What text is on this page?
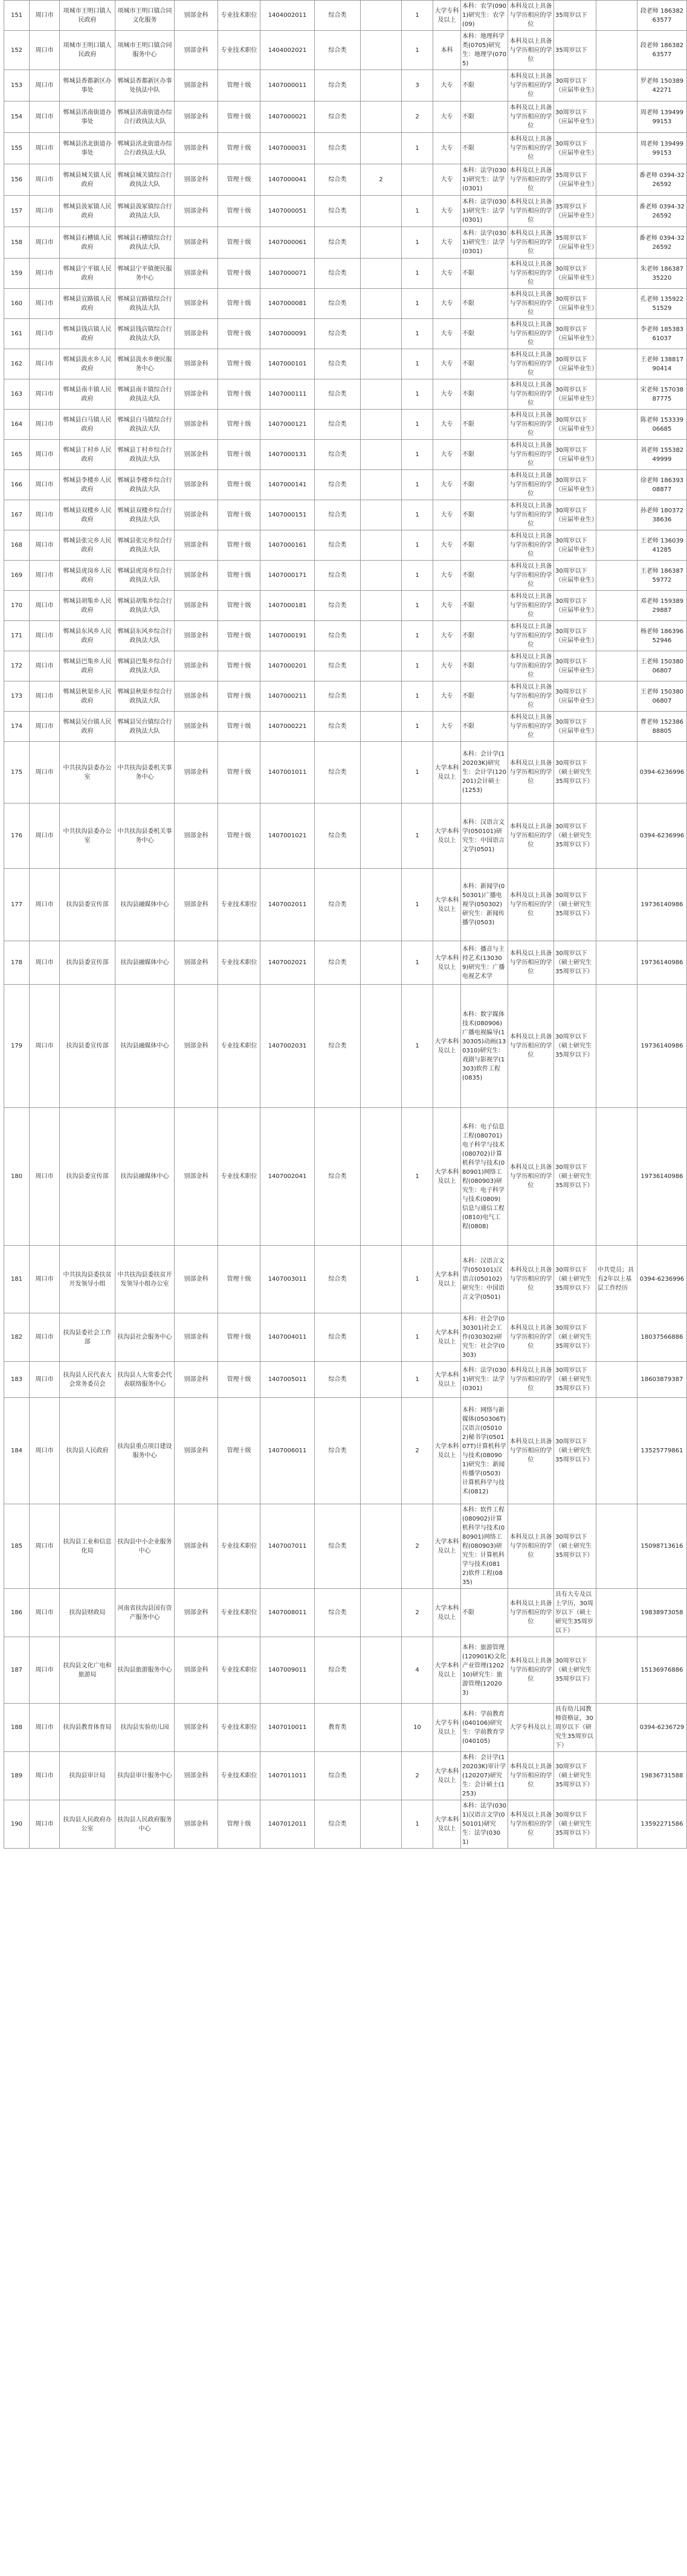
151	周口市	项城市王明口镇人民政府	项城市王明口镇合同文化服务	别部金科	专业技术职位	1404002011	综合类		1	大学专科及以上	本科：农学(0901)研究生：农学(09)	本科及以上具备与学历相应的学位	35周岁以下		段老师 18638263577
152	周口市	项城市王明口镇人民政府	项城市王明口镇合同服务中心	别部金科	专业技术职位	1404002021	综合类		1	本科	本科：地理科学类(0705)研究生：地理学(0705)	本科及以上具备与学历相应的学位	35周岁以下		段老师 18638263577
153	周口市	郸城县香都新区办事处	郸城县香都新区办事处执法中队	别部金科	管理十级	1407000011	综合类		3	大专	不限	本科及以上具备与学历相应的学位	30周岁以下（应届毕业生）		罗老师 15038942271
154	周口市	郸城县洺南街道办事处	郸城县洺南街道办综合行政执法大队	别部金科	管理十级	1407000021	综合类		2	大专	不限	本科及以上具备与学历相应的学位	30周岁以下（应届毕业生）		周老师 13949999153
155	周口市	郸城县洺北街道办事处	郸城县洺北街道办综合行政执法大队	别部金科	管理十级	1407000031	综合类		1	大专	不限	本科及以上具备与学历相应的学位	30周岁以下（应届毕业生）		周老师 13949999153
156	周口市	郸城县城关镇人民政府	郸城县城关镇综合行政执法大队	别部金科	管理十级	1407000041	综合类	2		大专	本科：法学(0301)研究生：法学(0301)	本科及以上具备与学历相应的学位	35周岁以下（应届毕业生）		番老师 0394-3226592
157	周口市	郸城县汲冢镇人民政府	郸城县汲冢镇综合行政执法大队	别部金科	管理十级	1407000051	综合类		1	大专	本科：法学(0301)研究生：法学(0301)	本科及以上具备与学历相应的学位	35周岁以下（应届毕业生）		番老师 0394-3226592
158	周口市	郸城县石槽镇人民政府	郸城县石槽镇综合行政执法大队	别部金科	管理十级	1407000061	综合类		1	大专	本科：法学(0301)研究生：法学(0301)	本科及以上具备与学历相应的学位	35周岁以下（应届毕业生）		番老师 0394-3226592
159	周口市	郸城县宁平镇人民政府	郸城县宁平镇便民服务中心	别部金科	管理十级	1407000071	综合类		1	大专	不限	本科及以上具备与学历相应的学位	30周岁以下（应届毕业生）		朱老师 18638735220
160	周口市	郸城县宜路镇人民政府	郸城县宜路镇综合行政执法大队	别部金科	管理十级	1407000081	综合类		1	大专	不限	本科及以上具备与学历相应的学位	30周岁以下（应届毕业生）		孔老师 13592251529
161	周口市	郸城县钱店镇人民政府	郸城县钱店镇综合行政执法大队	别部金科	管理十级	1407000091	综合类		1	大专	不限	本科及以上具备与学历相应的学位	30周岁以下（应届毕业生）		李老师 18538361037
162	周口市	郸城县汲水乡人民政府	郸城县汲水乡便民服务中心	别部金科	管理十级	1407000101	综合类		1	大专	不限	本科及以上具备与学历相应的学位	30周岁以下（应届毕业生）		王老师 13881790414
163	周口市	郸城县南丰镇人民政府	郸城县南丰镇综合行政执法大队	别部金科	管理十级	1407000111	综合类		1	大专	不限	本科及以上具备与学历相应的学位	30周岁以下（应届毕业生）		宋老师 15703887775
164	周口市	郸城县白马镇人民政府	郸城县白马镇综合行政执法大队	别部金科	管理十级	1407000121	综合类		1	大专	不限	本科及以上具备与学历相应的学位	30周岁以下（应届毕业生）		陈老师 15333906685
165	周口市	郸城县丁村乡人民政府	郸城县丁村乡综合行政执法大队	别部金科	管理十级	1407000131	综合类		1	大专	不限	本科及以上具备与学历相应的学位	30周岁以下（应届毕业生）		刘老师 15538249999
166	周口市	郸城县李楼乡人民政府	郸城县李楼乡综合行政执法大队	别部金科	管理十级	1407000141	综合类		1	大专	不限	本科及以上具备与学历相应的学位	30周岁以下（应届毕业生）		徐老师 18639308877
167	周口市	郸城县双楼乡人民政府	郸城县双楼乡综合行政执法大队	别部金科	管理十级	1407000151	综合类		1	大专	不限	本科及以上具备与学历相应的学位	30周岁以下（应届毕业生）		孙老师 18037238636
168	周口市	郸城县张完乡人民政府	郸城县张完乡综合行政执法大队	别部金科	管理十级	1407000161	综合类		1	大专	不限	本科及以上具备与学历相应的学位	30周岁以下（应届毕业生）		王老师 13603941285
169	周口市	郸城县虎岗乡人民政府	郸城县虎岗乡综合行政执法大队	别部金科	管理十级	1407000171	综合类		1	大专	不限	本科及以上具备与学历相应的学位	30周岁以下（应届毕业生）		王老师 18638759772
170	周口市	郸城县胡集乡人民政府	郸城县胡集乡综合行政执法大队	别部金科	管理十级	1407000181	综合类		1	大专	不限	本科及以上具备与学历相应的学位	30周岁以下（应届毕业生）		邓老师 15938929887
171	周口市	郸城县东风乡人民政府	郸城县东风乡综合行政执法大队	别部金科	管理十级	1407000191	综合类		1	大专	不限	本科及以上具备与学历相应的学位	30周岁以下（应届毕业生）		杨老师 18639652946
172	周口市	郸城县巴集乡人民政府	郸城县巴集乡综合行政执法大队	别部金科	管理十级	1407000201	综合类		1	大专	不限	本科及以上具备与学历相应的学位	30周岁以下（应届毕业生）		王老师 15038006807
173	周口市	郸城县秋渠乡人民政府	郸城县秋渠乡综合行政执法大队	别部金科	管理十级	1407000211	综合类		1	大专	不限	本科及以上具备与学历相应的学位	30周岁以下（应届毕业生）		王老师 15038006807
174	周口市	郸城县吴台镇人民政府	郸城县吴台镇综合行政执法大队	别部金科	管理十级	1407000221	综合类		1	大专	不限	本科及以上具备与学历相应的学位	30周岁以下（应届毕业生）		曹老师 15238688805
175	周口市	中共扶沟县委办公室	中共扶沟县委机关事务中心	别部金科	管理十级	1407001011	综合类		1	大学本科及以上	本科：会计学(120203K)研究生：会计学(120201)会计硕士(1253)	本科及以上具备与学历相应的学位	30周岁以下（硕士研究生35周岁以下）		0394-6236996
176	周口市	中共扶沟县委办公室	中共扶沟县委机关事务中心	别部金科	管理十级	1407001021	综合类		1	大学本科及以上	本科：汉语言文学(050101)研究生：中国语言文学(0501)	本科及以上具备与学历相应的学位	30周岁以下（硕士研究生35周岁以下）		0394-6236996
177	周口市	扶沟县委宣传部	扶沟县融媒体中心	别部金科	专业技术职位	1407002011	综合类		1	大学本科及以上	本科：新闻学(050301)广播电视学(050302)研究生：新闻传播学(0503)	本科及以上具备与学历相应的学位	30周岁以下（硕士研究生35周岁以下）		19736140986
178	周口市	扶沟县委宣传部	扶沟县融媒体中心	别部金科	专业技术职位	1407002021	综合类		1	大学本科及以上	本科：播音与主持艺术(130309)研究生：广播电视艺术学	本科及以上具备与学历相应的学位	30周岁以下（硕士研究生35周岁以下）		19736140986
179	周口市	扶沟县委宣传部	扶沟县融媒体中心	别部金科	专业技术职位	1407002031	综合类		1	大学本科及以上	本科：数字媒体技术(080906)广播电视编导(130305)动画(130310)研究生：戏剧与影视学(1303)软件工程(0835)	本科及以上具备与学历相应的学位	30周岁以下（硕士研究生35周岁以下）		19736140986
180	周口市	扶沟县委宣传部	扶沟县融媒体中心	别部金科	专业技术职位	1407002041	综合类		1	大学本科及以上	本科：电子信息工程(080701)电子科学与技术(080702)计算机科学与技术(080901)网络工程(080903)研究生：电子科学与技术(0809)信息与通信工程(0810)电气工程(0808)	本科及以上具备与学历相应的学位	30周岁以下（硕士研究生35周岁以下）		19736140986
181	周口市	中共扶沟县委扶贫开发领导小组	中共扶沟县委扶贫开发领导小组办公室	别部金科	管理十级	1407003011	综合类		1	大学本科及以上	本科：汉语言文学(050101)汉语言(050102)研究生：中国语言文学(0501)	本科及以上具备与学历相应的学位	30周岁以下（硕士研究生35周岁以下）	中共党员；具有2年以上基层工作经历	0394-6236996
182	周口市	扶沟县委社会工作部	扶沟县社会服务中心	别部金科	管理十级	1407004011	综合类		1	大学本科及以上	本科：社会学(030301)社会工作(030302)研究生：社会学(0303)	本科及以上具备与学历相应的学位	30周岁以下（硕士研究生35周岁以下）		18037566886
183	周口市	扶沟县人民代表大会常务委员会	扶沟县人大常委会代表联络服务中心	别部金科	管理十级	1407005011	综合类		1	大学本科及以上	本科：法学(0301)研究生：法学(0301)	本科及以上具备与学历相应的学位	30周岁以下（硕士研究生35周岁以下）		18603879387
184	周口市	扶沟县人民政府	扶沟县重点项目建设服务中心	别部金科	管理十级	1407006011	综合类		2	大学本科及以上	本科：网络与新媒体(050306T)汉语言(050102)秘书学(050107T)计算机科学与技术(080901)研究生：新闻传播学(0503)计算机科学与技术(0812)	本科及以上具备与学历相应的学位	30周岁以下（硕士研究生35周岁以下）		13525779861
185	周口市	扶沟县工业和信息化局	扶沟县中小企业服务中心	别部金科	专业技术职位	1407007011	综合类		2	大学本科及以上	本科：软件工程(080902)计算机科学与技术(080901)网络工程(080903)研究生：计算机科学与技术(0812)软件工程(0835)	本科及以上具备与学历相应的学位	30周岁以下（硕士研究生35周岁以下）		15098713616
186	周口市	扶沟县财政局	河南省扶沟县国有资产服务中心	别部金科	专业技术职位	1407008011	综合类		2	大学本科及以上	不限	本科及以上具备与学历相应的学位	具有大专及以上学历，30周岁以下（硕士研究生35周岁以下）		19838973058
187	周口市	扶沟县文化广电和旅游局	扶沟县旅游服务中心	别部金科	专业技术职位	1407009011	综合类		4	大学本科及以上	本科：旅游管理(120901K)文化产业管理(120210)研究生：旅游管理(120203)	本科及以上具备与学历相应的学位	30周岁以下（硕士研究生35周岁以下）		15136976886
188	周口市	扶沟县教育体育局	扶沟县实验幼儿园	别部金科	专业技术职位	1407010011	教育类		10	大学专科及以上	本科：学前教育(040106)研究生：学前教育学(040105)	大学专科及以上	具有幼儿园教师资格证，30周岁以下（研究生35周岁以下）		0394-6236729
189	周口市	扶沟县审计局	扶沟县审计服务中心	别部金科	专业技术职位	1407011011	综合类		2	大学本科及以上	本科：会计学(120203K)审计学(120207)研究生：会计硕士(1253)	本科及以上具备与学历相应的学位	30周岁以下（硕士研究生35周岁以下）		19836731588
190	周口市	扶沟县人民政府办公室	扶沟县人民政府服务中心	别部金科	管理十级	1407012011	综合类		1	大学本科及以上	本科：法学(0301)汉语言文学(050101)研究生：法学(0301)	本科及以上具备与学历相应的学位	30周岁以下（硕士研究生35周岁以下）		13592271586
